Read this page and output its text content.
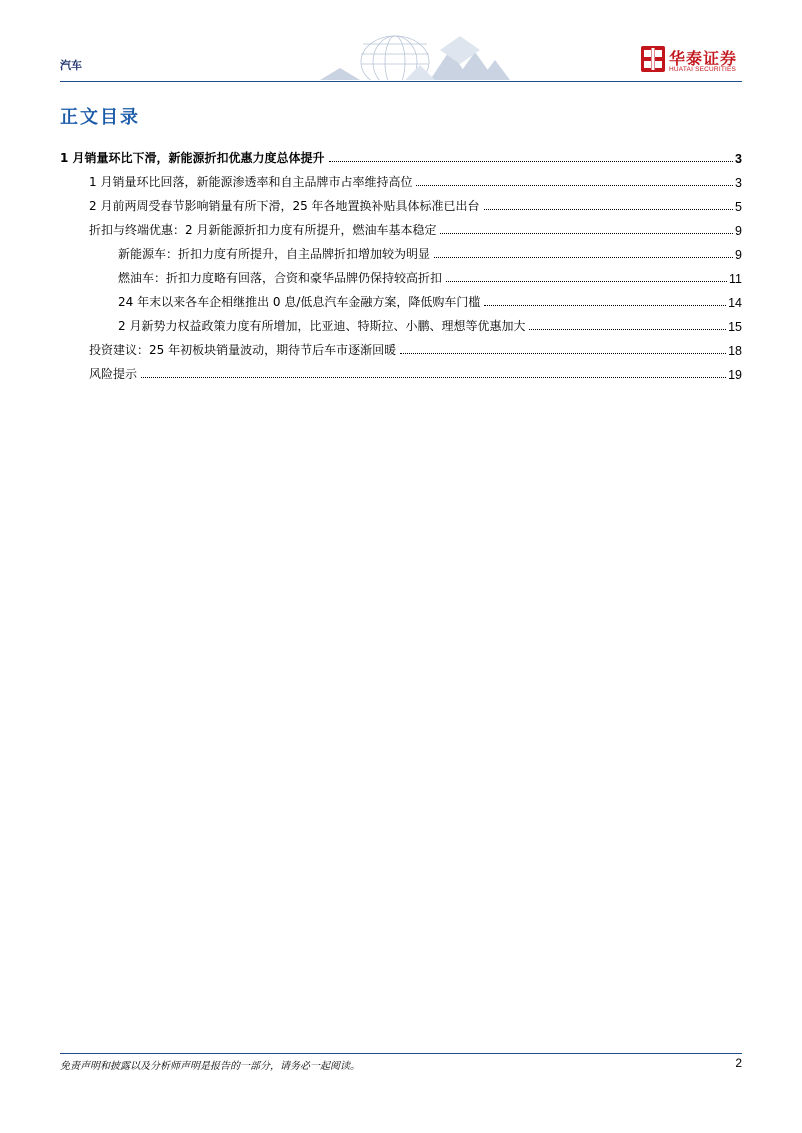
汽车	华泰证券
HUATAI SECURITIES
正文目录
1 月销量环比下滑，新能源折扣优惠力度总体提升	3
1 月销量环比回落，新能源渗透率和自主品牌市占率维持高位	3
2 月前两周受春节影响销量有所下滑，25 年各地置换补贴具体标准已出台	5
折扣与终端优惠：2 月新能源折扣力度有所提升，燃油车基本稳定	9
新能源车：折扣力度有所提升，自主品牌折扣增加较为明显	9
燃油车：折扣力度略有回落，合资和豪华品牌仍保持较高折扣	11
24 年末以来各车企相继推出 0 息/低息汽车金融方案，降低购车门槛	14
2 月新势力权益政策力度有所增加，比亚迪、特斯拉、小鹏、理想等优惠加大	15
投资建议：25 年初板块销量波动，期待节后车市逐渐回暖	18
风险提示	19
免责声明和披露以及分析师声明是报告的一部分，请务必一起阅读。	2
